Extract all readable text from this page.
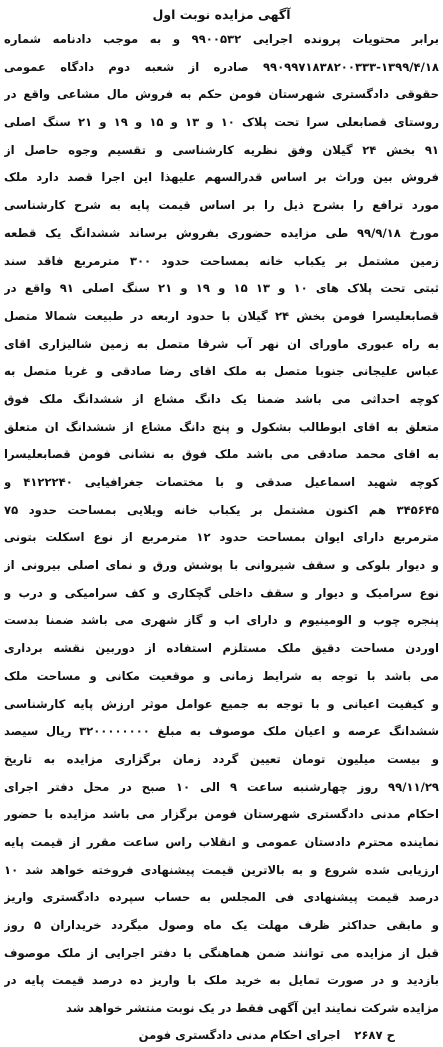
آگهی مزایده نوبت اول
برابر محتویات پرونده اجرایی ۹۹۰۰۵۳۲ و به موجب دادنامه شماره
۹۹۰۹۹۷۱۸۳۸۲۰۰۳۳۳-۱۳۹۹/۴/۱۸ صادره از شعبه دوم دادگاه عمومی
حقوقی دادگستری شهرستان فومن حکم به فروش مال مشاعی واقع در
روستای قصابعلی سرا تحت پلاک ۱۰ و ۱۳ و ۱۵ و ۱۹ و ۲۱ سنگ اصلی
۹۱ بخش ۲۴ گیلان وفق نظریه کارشناسی و تقسیم وجوه حاصل از
فروش بین وراث بر اساس قدرالسهم علیهذا این اجرا قصد دارد ملک
مورد ترافع را بشرح ذیل را بر اساس قیمت پایه به شرح کارشناسی
مورخ ۹۹/۹/۱۸ طی مزایده حضوری بفروش برساند ششدانگ یک قطعه
زمین مشتمل بر یکباب خانه بمساحت حدود ۳۰۰ مترمربع فاقد سند
ثبتی تحت پلاک های ۱۰ و ۱۳ ۱۵ و ۱۹ و ۲۱ سنگ اصلی ۹۱ واقع در
قصابعلیسرا فومن بخش ۲۴ گیلان با حدود اربعه در طبیعت شمالا متصل
به راه عبوری ماورای ان نهر آب شرقا متصل به زمین شالیزاری اقای
عباس علیجانی جنوبا متصل به ملک اقای رضا صادقی و غربا متصل به
کوچه احداثی می باشد ضمنا یک دانگ مشاع از ششدانگ ملک فوق
متعلق به اقای ابوطالب بشکول و پنج دانگ مشاع از ششدانگ ان متعلق
به اقای محمد صادقی می باشد ملک فوق به نشانی فومن قصابعلیسرا
کوچه شهید اسماعیل صدقی و با مختصات جغرافیایی ۴۱۲۲۲۴۰ و
۳۴۵۶۴۵ هم اکنون مشتمل بر یکباب خانه ویلایی بمساحت حدود ۷۵
مترمربع دارای ایوان بمساحت حدود ۱۲ مترمربع از نوع اسکلت بتونی
و دیوار بلوکی و سقف شیروانی با پوشش ورق و نمای اصلی بیرونی از
نوع سرامیک و دیوار و سقف داخلی گچکاری و کف سرامیکی و درب و
پنجره چوب و الومینیوم و دارای اب و گاز شهری می باشد ضمنا بدست
اوردن مساحت دقیق ملک مستلزم استفاده از دوربین نقشه برداری
می باشد با توجه به شرایط زمانی و موقعیت مکانی و مساحت ملک
و کیفیت اعیانی و با توجه به جمیع عوامل موثر ارزش پایه کارشناسی
ششدانگ عرصه و اعیان ملک موصوف به مبلغ ۳۲۰۰۰۰۰۰۰۰ ریال سیصد
و بیست میلیون تومان تعیین گردد زمان برگزاری مزایده به تاریخ
۹۹/۱۱/۲۹ روز چهارشنبه ساعت ۹ الی ۱۰ صبح در محل دفتر اجرای
احکام مدنی دادگستری شهرستان فومن برگزار می باشد مزایده با حضور
نماینده محترم دادستان عمومی و انقلاب راس ساعت مقرر از قیمت پایه
ارزیابی شده شروع و به بالاترین قیمت پیشنهادی فروخته خواهد شد ۱۰
درصد قیمت پیشنهادی فی المجلس به حساب سپرده دادگستری واریز
و مابقی حداکثر ظرف مهلت یک ماه وصول میگردد خریداران ۵ روز
قبل از مزایده می توانند ضمن هماهنگی با دفتر اجرایی از ملک موصوف
بازدید و در صورت تمایل به خرید ملک با واریز ده درصد قیمت پایه در
مزایده شرکت نمایند این آگهی فقط در یک نوبت منتشر خواهد شد
ح ۲۶۸۷
اجرای احکام مدنی دادگستری فومن
